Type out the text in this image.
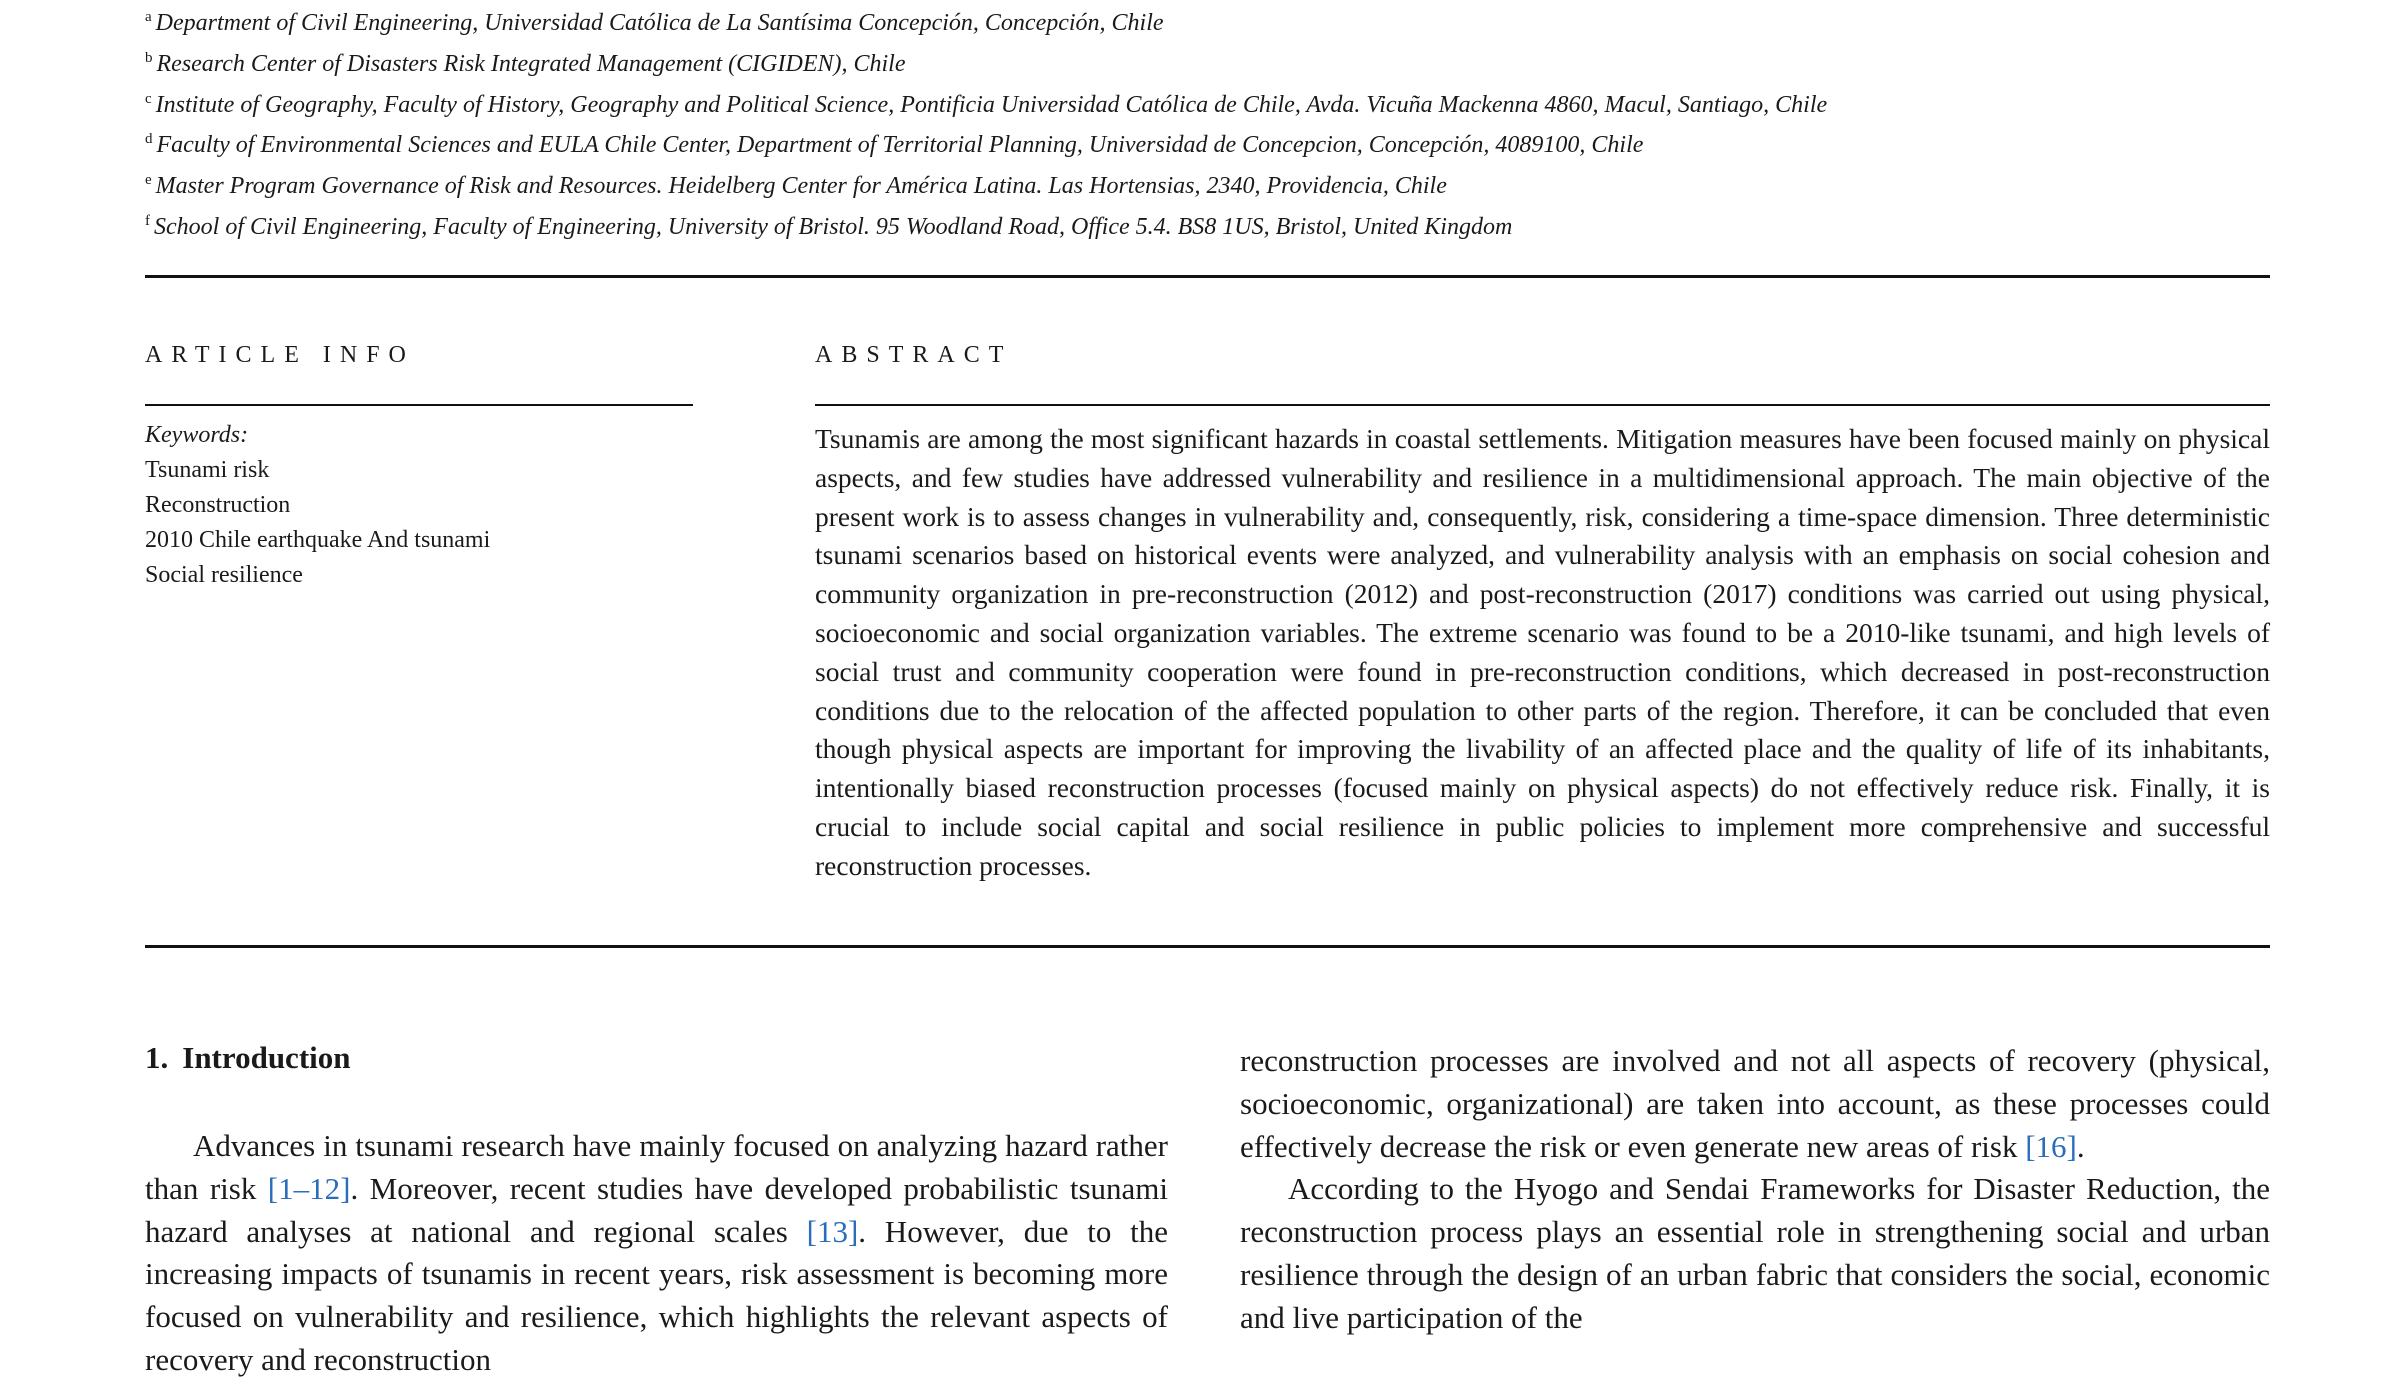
$^a$ Department of Civil Engineering, Universidad Católica de La Santísima Concepción, Concepción, Chile
$^b$ Research Center of Disasters Risk Integrated Management (CIGIDEN), Chile
$^c$ Institute of Geography, Faculty of History, Geography and Political Science, Pontificia Universidad Católica de Chile, Avda. Vicuña Mackenna 4860, Macul, Santiago, Chile
$^d$ Faculty of Environmental Sciences and EULA Chile Center, Department of Territorial Planning, Universidad de Concepcion, Concepción, 4089100, Chile
$^e$ Master Program Governance of Risk and Resources. Heidelberg Center for América Latina. Las Hortensias, 2340, Providencia, Chile
$^f$ School of Civil Engineering, Faculty of Engineering, University of Bristol. 95 Woodland Road, Office 5.4. BS8 1US, Bristol, United Kingdom
ARTICLE INFO
Keywords:
Tsunami risk
Reconstruction
2010 Chile earthquake And tsunami
Social resilience
ABSTRACT

Tsunamis are among the most significant hazards in coastal settlements. Mitigation measures have been focused mainly on physical aspects, and few studies have addressed vulnerability and resilience in a multidimensional approach. The main objective of the present work is to assess changes in vulnerability and, consequently, risk, considering a time-space dimension. Three deterministic tsunami scenarios based on historical events were analyzed, and vulnerability analysis with an emphasis on social cohesion and community organization in pre-reconstruction (2012) and post-reconstruction (2017) conditions was carried out using physical, socioeconomic and social organization variables. The extreme scenario was found to be a 2010-like tsunami, and high levels of social trust and community cooperation were found in pre-reconstruction conditions, which decreased in post-reconstruction conditions due to the relocation of the affected population to other parts of the region. Therefore, it can be concluded that even though physical aspects are important for improving the livability of an affected place and the quality of life of its inhabitants, intentionally biased reconstruction processes (focused mainly on physical aspects) do not effectively reduce risk. Finally, it is crucial to include social capital and social resilience in public policies to implement more comprehensive and successful reconstruction processes.

1. Introduction

Advances in tsunami research have mainly focused on analyzing hazard rather than risk [1–12]. Moreover, recent studies have developed probabilistic tsunami hazard analyses at national and regional scales [13]. However, due to the increasing impacts of tsunamis in recent years, risk assessment is becoming more focused on vulnerability and resilience, which highlights the relevant aspects of recovery and reconstruction

reconstruction processes are involved and not all aspects of recovery (physical, socioeconomic, organizational) are taken into account, as these processes could effectively decrease the risk or even generate new areas of risk [16].

According to the Hyogo and Sendai Frameworks for Disaster Reduction, the reconstruction process plays an essential role in strengthening social and urban resilience through the design of an urban fabric that considers the social, economic and live participation of the
